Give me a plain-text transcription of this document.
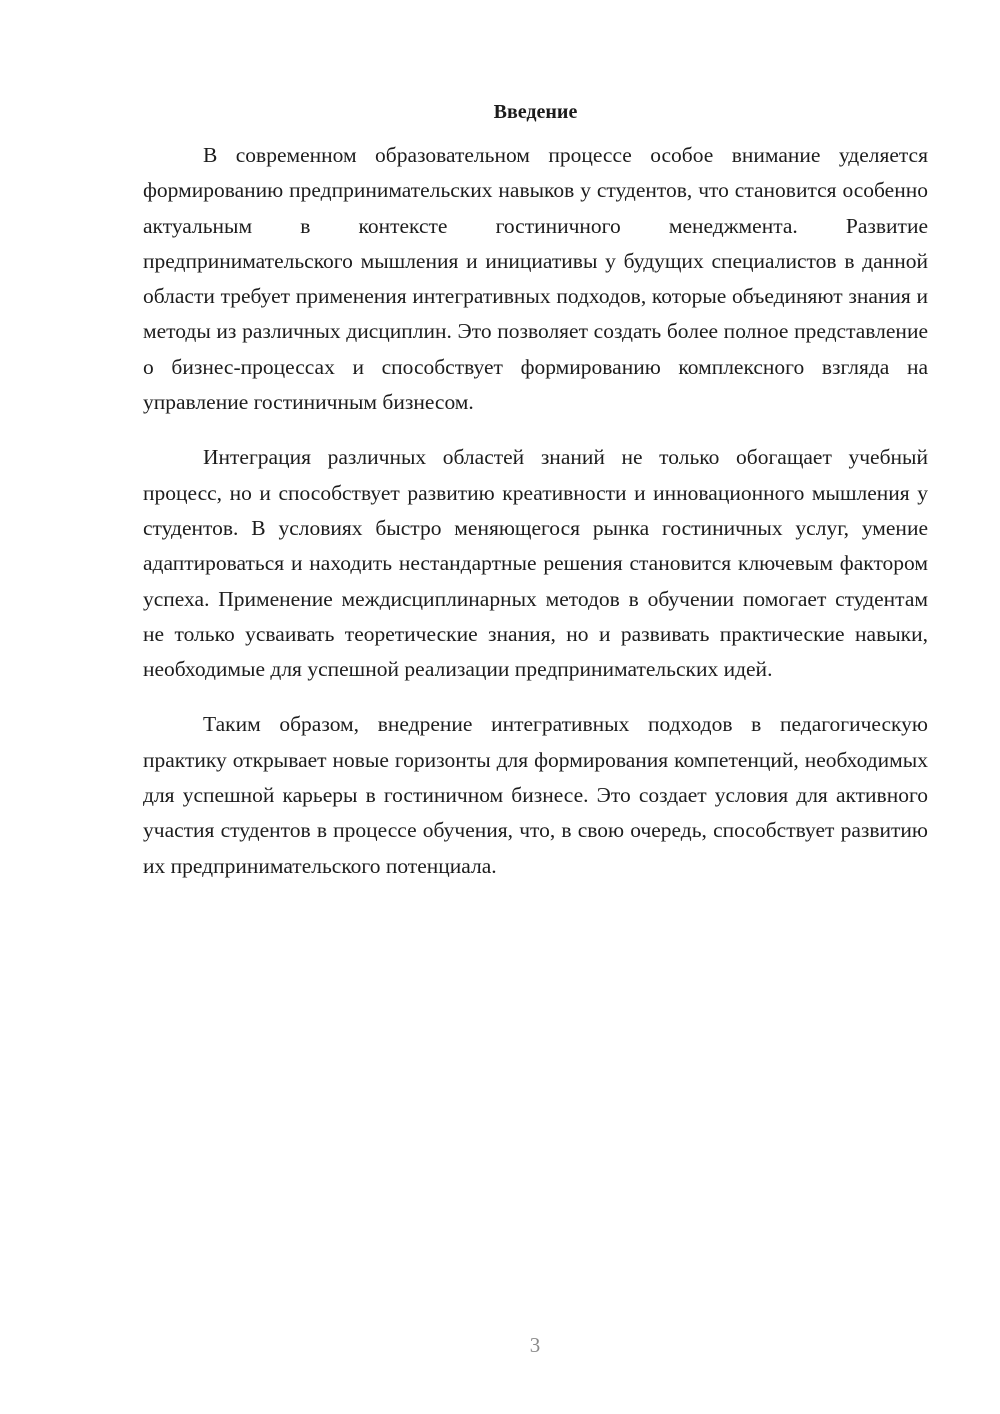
Введение

В современном образовательном процессе особое внимание уделяется формированию предпринимательских навыков у студентов, что становится особенно актуальным в контексте гостиничного менеджмента. Развитие предпринимательского мышления и инициативы у будущих специалистов в данной области требует применения интегративных подходов, которые объединяют знания и методы из различных дисциплин. Это позволяет создать более полное представление о бизнес-процессах и способствует формированию комплексного взгляда на управление гостиничным бизнесом.

Интеграция различных областей знаний не только обогащает учебный процесс, но и способствует развитию креативности и инновационного мышления у студентов. В условиях быстро меняющегося рынка гостиничных услуг, умение адаптироваться и находить нестандартные решения становится ключевым фактором успеха. Применение междисциплинарных методов в обучении помогает студентам не только усваивать теоретические знания, но и развивать практические навыки, необходимые для успешной реализации предпринимательских идей.

Таким образом, внедрение интегративных подходов в педагогическую практику открывает новые горизонты для формирования компетенций, необходимых для успешной карьеры в гостиничном бизнесе. Это создает условия для активного участия студентов в процессе обучения, что, в свою очередь, способствует развитию их предпринимательского потенциала.

3
